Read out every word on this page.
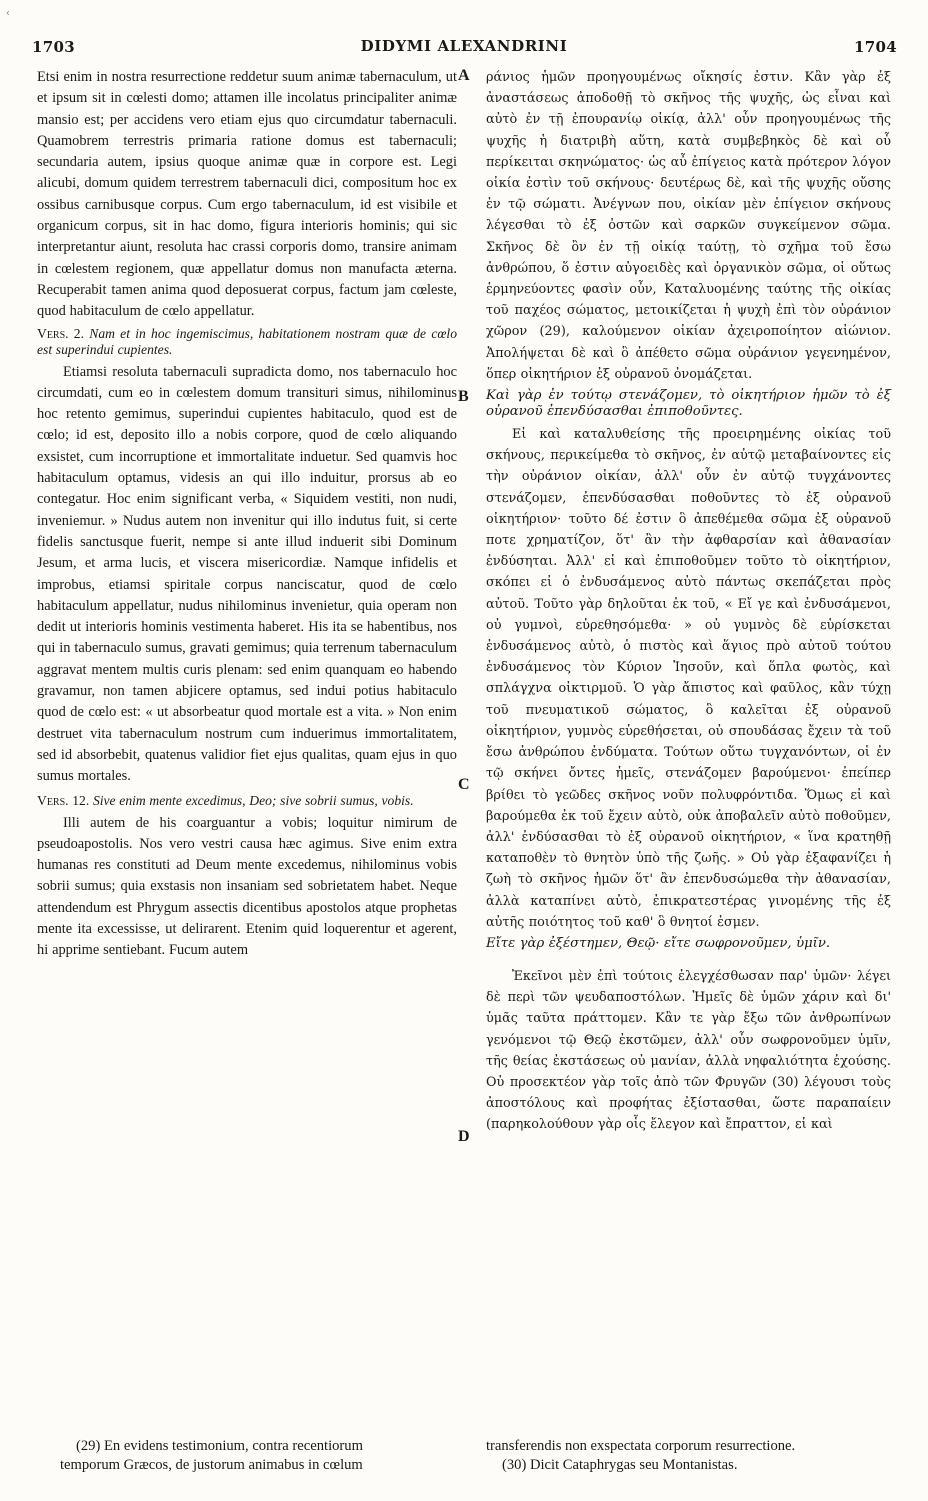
‹
1703	DIDYMI ALEXANDRINI	1704

Etsi enim in nostra resurrectione reddetur suum animæ tabernaculum, ut et ipsum sit in cœlesti domo; attamen ille incolatus principaliter animæ mansio est; per accidens vero etiam ejus quo circumdatur tabernaculi. Quamobrem terrestris primaria ratione domus est tabernaculi; secundaria autem, ipsius quoque animæ quæ in corpore est. Legi alicubi, domum quidem terrestrem tabernaculi dici, compositum hoc ex ossibus carnibusque corpus. Cum ergo tabernaculum, id est visibile et organicum corpus, sit in hac domo, figura interioris hominis; qui sic interpretantur aiunt, resoluta hac crassi corporis domo, transire animam in cœlestem regionem, quæ appellatur domus non manufacta æterna. Recuperabit tamen anima quod deposuerat corpus, factum jam cœleste, quod habitaculum de cœlo appellatur.

Vers. 2. Nam et in hoc ingemiscimus, habitationem nostram quæ de cœlo est superindui cupientes.

Etiamsi resoluta tabernaculi supradicta domo, nos tabernaculo hoc circumdati, cum eo in cœlestem domum transituri simus, nihilominus hoc retento gemimus, superindui cupientes habitaculo, quod est de cœlo; id est, deposito illo a nobis corpore, quod de cœlo aliquando exsistet, cum incorruptione et immortalitate induetur. Sed quamvis hoc habitaculum optamus, videsis an qui illo induitur, prorsus ab eo contegatur. Hoc enim significant verba, « Siquidem vestiti, non nudi, inveniemur. » Nudus autem non invenitur qui illo indutus fuit, si certe fidelis sanctusque fuerit, nempe si ante illud induerit sibi Dominum Jesum, et arma lucis, et viscera misericordiæ. Namque infidelis et improbus, etiamsi spiritale corpus nanciscatur, quod de cœlo habitaculum appellatur, nudus nihilominus invenietur, quia operam non dedit ut interioris hominis vestimenta haberet. His ita se habentibus, nos qui in tabernaculo sumus, gravati gemimus; quia terrenum tabernaculum aggravat mentem multis curis plenam: sed enim quanquam eo habendo gravamur, non tamen abjicere optamus, sed indui potius habitaculo quod de cœlo est: « ut absorbeatur quod mortale est a vita. » Non enim destruet vita tabernaculum nostrum cum induerimus immortalitatem, sed id absorbebit, quatenus validior fiet ejus qualitas, quam ejus in quo sumus mortales.

Vers. 12. Sive enim mente excedimus, Deo; sive sobrii sumus, vobis.

Illi autem de his coarguantur a vobis; loquitur nimirum de pseudoapostolis. Nos vero vestri causa hæc agimus. Sive enim extra humanas res constituti ad Deum mente excedemus, nihilominus vobis sobrii sumus; quia exstasis non insaniam sed sobrietatem habet. Neque attendendum est Phrygum assectis dicentibus apostolos atque prophetas mente ita excessisse, ut delirarent. Etenim quid loquerentur et agerent, hi apprime sentiebant. Fucum autem

A
B
C
D

ράνιος ἡμῶν προηγουμένως οἴκησίς ἐστιν. Κἂν γὰρ ἐξ ἀναστάσεως ἀποδοθῇ τὸ σκῆνος τῆς ψυχῆς, ὡς εἶναι καὶ αὐτὸ ἐν τῇ ἐπουρανίῳ οἰκίᾳ, ἀλλ' οὖν προηγουμένως τῆς ψυχῆς ἡ διατριβὴ αὕτη, κατὰ συμβεβηκὸς δὲ καὶ οὗ περίκειται σκηνώματος· ὡς αὖ ἐπίγειος κατὰ πρότερον λόγον οἰκία ἐστὶν τοῦ σκήνους· δευτέρως δὲ, καὶ τῆς ψυχῆς οὔσης ἐν τῷ σώματι. Ἀνέγνων που, οἰκίαν μὲν ἐπίγειον σκήνους λέγεσθαι τὸ ἐξ ὀστῶν καὶ σαρκῶν συγκείμενον σῶμα. Σκῆνος δὲ ὂν ἐν τῇ οἰκίᾳ ταύτῃ, τὸ σχῆμα τοῦ ἔσω ἀνθρώπου, ὅ ἐστιν αὐγοειδὲς καὶ ὀργανικὸν σῶμα, οἱ οὕτως ἑρμηνεύοντες φασὶν οὖν, Καταλυομένης ταύτης τῆς οἰκίας τοῦ παχέος σώματος, μετοικίζεται ἡ ψυχὴ ἐπὶ τὸν οὐράνιον χῶρον (29), καλούμενον οἰκίαν ἀχειροποίητον αἰώνιον. Ἀπολήψεται δὲ καὶ ὃ ἀπέθετο σῶμα οὐράνιον γεγενημένον, ὅπερ οἰκητήριον ἐξ οὐρανοῦ ὀνομάζεται.

Καὶ γὰρ ἐν τούτῳ στενάζομεν, τὸ οἰκητήριον ἡμῶν τὸ ἐξ οὐρανοῦ ἐπενδύσασθαι ἐπιποθοῦντες.

Εἰ καὶ καταλυθείσης τῆς προειρημένης οἰκίας τοῦ σκήνους, περικείμεθα τὸ σκῆνος, ἐν αὐτῷ μεταβαίνοντες εἰς τὴν οὐράνιον οἰκίαν, ἀλλ' οὖν ἐν αὐτῷ τυγχάνοντες στενάζομεν, ἐπενδύσασθαι ποθοῦντες τὸ ἐξ οὐρανοῦ οἰκητήριον· τοῦτο δέ ἐστιν ὃ ἀπεθέμεθα σῶμα ἐξ οὐρανοῦ ποτε χρηματίζον, ὅτ' ἂν τὴν ἀφθαρσίαν καὶ ἀθανασίαν ἐνδύσηται. Ἀλλ' εἰ καὶ ἐπιποθοῦμεν τοῦτο τὸ οἰκητήριον, σκόπει εἰ ὁ ἐνδυσάμενος αὐτὸ πάντως σκεπάζεται πρὸς αὐτοῦ. Τοῦτο γὰρ δηλοῦται ἐκ τοῦ, « Εἴ γε καὶ ἐνδυσάμενοι, οὐ γυμνοὶ, εὑρεθησόμεθα· » οὐ γυμνὸς δὲ εὑρίσκεται ἐνδυσάμενος αὐτὸ, ὁ πιστὸς καὶ ἅγιος πρὸ αὐτοῦ τούτου ἐνδυσάμενος τὸν Κύριον Ἰησοῦν, καὶ ὅπλα φωτὸς, καὶ σπλάγχνα οἰκτιρμοῦ. Ὁ γὰρ ἄπιστος καὶ φαῦλος, κἂν τύχῃ τοῦ πνευματικοῦ σώματος, ὃ καλεῖται ἐξ οὐρανοῦ οἰκητήριον, γυμνὸς εὑρεθήσεται, οὐ σπουδάσας ἔχειν τὰ τοῦ ἔσω ἀνθρώπου ἐνδύματα. Τούτων οὕτω τυγχανόντων, οἱ ἐν τῷ σκήνει ὄντες ἡμεῖς, στενάζομεν βαρούμενοι· ἐπείπερ βρίθει τὸ γεῶδες σκῆνος νοῦν πολυφρόντιδα. Ὅμως εἰ καὶ βαρούμεθα ἐκ τοῦ ἔχειν αὐτὸ, οὐκ ἀποβαλεῖν αὐτὸ ποθοῦμεν, ἀλλ' ἐνδύσασθαι τὸ ἐξ οὐρανοῦ οἰκητήριον, « ἵνα κρατηθῇ καταποθὲν τὸ θνητὸν ὑπὸ τῆς ζωῆς. » Οὐ γὰρ ἐξαφανίζει ἡ ζωὴ τὸ σκῆνος ἡμῶν ὅτ' ἂν ἐπενδυσώμεθα τὴν ἀθανασίαν, ἀλλὰ καταπίνει αὐτὸ, ἐπικρατεστέρας γινομένης τῆς ἐξ αὐτῆς ποιότητος τοῦ καθ' ὃ θνητοί ἐσμεν.

Εἴτε γὰρ ἐξέστημεν, Θεῷ· εἴτε σωφρονοῦμεν, ὑμῖν.

Ἐκεῖνοι μὲν ἐπὶ τούτοις ἐλεγχέσθωσαν παρ' ὑμῶν· λέγει δὲ περὶ τῶν ψευδαποστόλων. Ἡμεῖς δὲ ὑμῶν χάριν καὶ δι' ὑμᾶς ταῦτα πράττομεν. Κἂν τε γὰρ ἔξω τῶν ἀνθρωπίνων γενόμενοι τῷ Θεῷ ἐκστῶμεν, ἀλλ' οὖν σωφρονοῦμεν ὑμῖν, τῆς θείας ἐκστάσεως οὐ μανίαν, ἀλλὰ νηφαλιότητα ἐχούσης. Οὐ προσεκτέον γὰρ τοῖς ἀπὸ τῶν Φρυγῶν (30) λέγουσι τοὺς ἀποστόλους καὶ προφήτας ἐξίστασθαι, ὥστε παραπαίειν (παρηκολούθουν γὰρ οἷς ἔλεγον καὶ ἔπραττον, εἰ καὶ

(29) En evidens testimonium, contra recentiorum

temporum Græcos, de justorum animabus in cœlum

transferendis non exspectata corporum resurrectione.

(30) Dicit Cataphrygas seu Montanistas.
